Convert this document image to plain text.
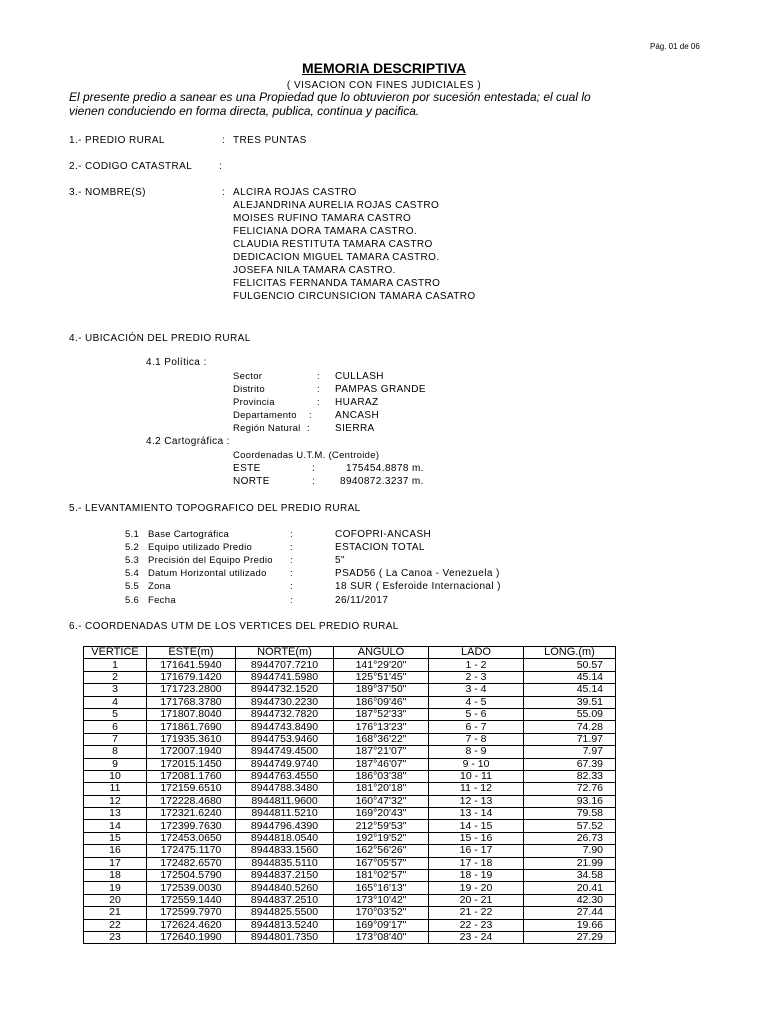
Pág. 01 de 06
MEMORIA DESCRIPTIVA
( VISACION CON FINES JUDICIALES )
El presente predio a sanear es una Propiedad que lo obtuvieron por sucesión entestada; el cual lo vienen conduciendo en forma directa, publica, continua y pacifica.
1.- PREDIO RURAL	: TRES PUNTAS
2.- CODIGO CATASTRAL	:
3.- NOMBRE(S)	: ALCIRA ROJAS CASTRO
ALEJANDRINA AURELIA ROJAS CASTRO
MOISES RUFINO TAMARA CASTRO
FELICIANA DORA TAMARA CASTRO.
CLAUDIA RESTITUTA TAMARA CASTRO
DEDICACION MIGUEL TAMARA CASTRO.
JOSEFA NILA TAMARA CASTRO.
FELICITAS FERNANDA TAMARA CASTRO
FULGENCIO CIRCUNSICION TAMARA CASATRO
4.- UBICACIÓN DEL PREDIO RURAL
4.1 Política :
Sector	: CULLASH
Distrito	: PAMPAS GRANDE
Provincia	: HUARAZ
Departamento : ANCASH
Región Natural :	SIERRA
4.2 Cartográfica :
Coordenadas U.T.M. (Centroide)
ESTE	:	175454.8878 m.
NORTE	: 8940872.3237 m.
5.- LEVANTAMIENTO TOPOGRAFICO DEL PREDIO RURAL
5.1 Base Cartográfica	:	COFOPRI-ANCASH
5.2 Equipo utilizado Predio	:	ESTACION TOTAL
5.3 Precisión del Equipo Predio :	5"
5.4 Datum Horizontal utilizado :	PSAD56 ( La Canoa - Venezuela )
5.5 Zona	:	18 SUR ( Esferoide Internacional )
5.6 Fecha	:	26/11/2017
6.- COORDENADAS UTM DE LOS VERTICES DEL PREDIO RURAL
VERTICE	ESTE(m)	NORTE(m)	ANGULO	LADO	LONG.(m)
1	171641.5940	8944707.7210	141°29'20"	1 - 2	50.57
2	171679.1420	8944741.5980	125°51'45"	2 - 3	45.14
3	171723.2800	8944732.1520	189°37'50"	3 - 4	45.14
4	171768.3780	8944730.2230	186°09'46"	4 - 5	39.51
5	171807.8040	8944732.7820	187°52'33"	5 - 6	55.09
6	171861.7690	8944743.8490	176°13'23"	6 - 7	74.28
7	171935.3610	8944753.9460	168°36'22"	7 - 8	71.97
8	172007.1940	8944749.4500	187°21'07"	8 - 9	7.97
9	172015.1450	8944749.9740	187°46'07"	9 - 10	67.39
10	172081.1760	8944763.4550	186°03'38"	10 - 11	82.33
11	172159.6510	8944788.3480	181°20'18"	11 - 12	72.76
12	172228.4680	8944811.9600	160°47'32"	12 - 13	93.16
13	172321.6240	8944811.5210	169°20'43"	13 - 14	79.58
14	172399.7630	8944796.4390	212°59'53"	14 - 15	57.52
15	172453.0650	8944818.0540	192°19'52"	15 - 16	26.73
16	172475.1170	8944833.1560	162°56'26"	16 - 17	7.90
17	172482.6570	8944835.5110	167°05'57"	17 - 18	21.99
18	172504.5790	8944837.2150	181°02'57"	18 - 19	34.58
19	172539.0030	8944840.5260	165°16'13"	19 - 20	20.41
20	172559.1440	8944837.2510	173°10'42"	20 - 21	42.30
21	172599.7970	8944825.5500	170°03'52"	21 - 22	27.44
22	172624.4620	8944813.5240	169°09'17"	22 - 23	19.66
23	172640.1990	8944801.7350	173°08'40"	23 - 24	27.29
